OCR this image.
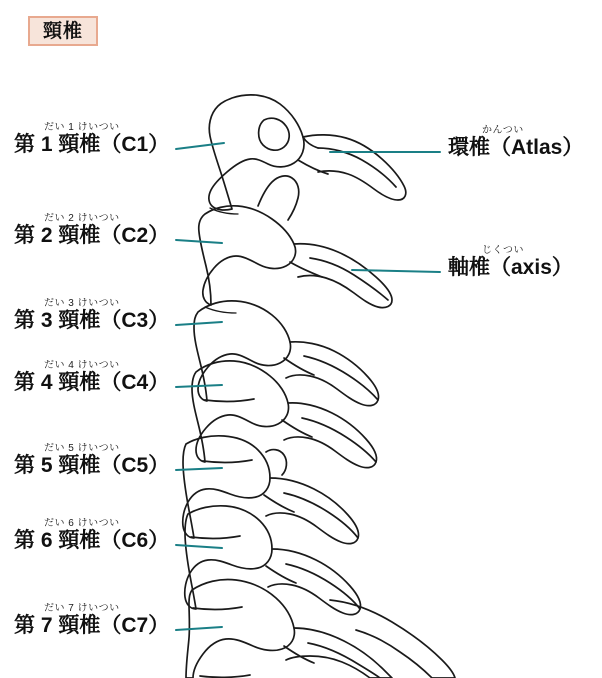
頸椎
だい 1 けいつい
第 1 頸椎（C1）
だい 2 けいつい
第 2 頸椎（C2）
だい 3 けいつい
第 3 頸椎（C3）
だい 4 けいつい
第 4 頸椎（C4）
だい 5 けいつい
第 5 頸椎（C5）
だい 6 けいつい
第 6 頸椎（C6）
だい 7 けいつい
第 7 頸椎（C7）
かんつい
環椎（Atlas）
じくつい
軸椎（axis）
